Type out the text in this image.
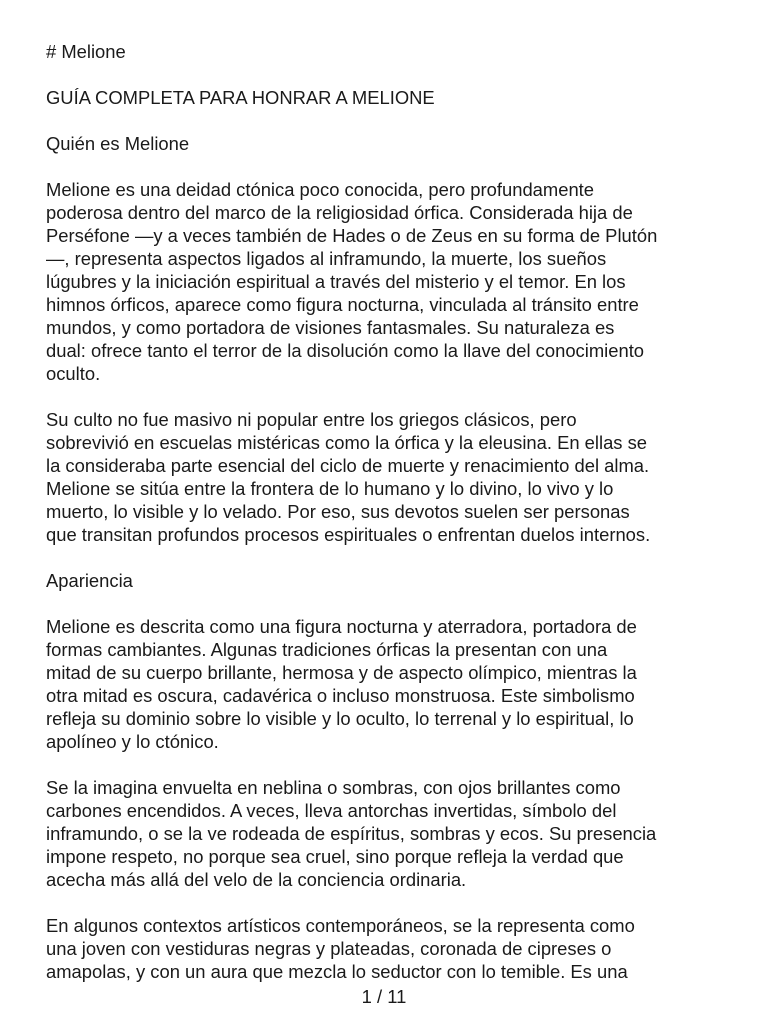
# Melione

GUÍA COMPLETA PARA HONRAR A MELIONE

Quién es Melione

Melione es una deidad ctónica poco conocida, pero profundamente
poderosa dentro del marco de la religiosidad órfica. Considerada hija de
Perséfone —y a veces también de Hades o de Zeus en su forma de Plutón
—, representa aspectos ligados al inframundo, la muerte, los sueños
lúgubres y la iniciación espiritual a través del misterio y el temor. En los
himnos órficos, aparece como figura nocturna, vinculada al tránsito entre
mundos, y como portadora de visiones fantasmales. Su naturaleza es
dual: ofrece tanto el terror de la disolución como la llave del conocimiento
oculto.

Su culto no fue masivo ni popular entre los griegos clásicos, pero
sobrevivió en escuelas mistéricas como la órfica y la eleusina. En ellas se
la consideraba parte esencial del ciclo de muerte y renacimiento del alma.
Melione se sitúa entre la frontera de lo humano y lo divino, lo vivo y lo
muerto, lo visible y lo velado. Por eso, sus devotos suelen ser personas
que transitan profundos procesos espirituales o enfrentan duelos internos.

Apariencia

Melione es descrita como una figura nocturna y aterradora, portadora de
formas cambiantes. Algunas tradiciones órficas la presentan con una
mitad de su cuerpo brillante, hermosa y de aspecto olímpico, mientras la
otra mitad es oscura, cadavérica o incluso monstruosa. Este simbolismo
refleja su dominio sobre lo visible y lo oculto, lo terrenal y lo espiritual, lo
apolíneo y lo ctónico.

Se la imagina envuelta en neblina o sombras, con ojos brillantes como
carbones encendidos. A veces, lleva antorchas invertidas, símbolo del
inframundo, o se la ve rodeada de espíritus, sombras y ecos. Su presencia
impone respeto, no porque sea cruel, sino porque refleja la verdad que
acecha más allá del velo de la conciencia ordinaria.

En algunos contextos artísticos contemporáneos, se la representa como
una joven con vestiduras negras y plateadas, coronada de cipreses o
amapolas, y con un aura que mezcla lo seductor con lo temible. Es una

1 / 11
